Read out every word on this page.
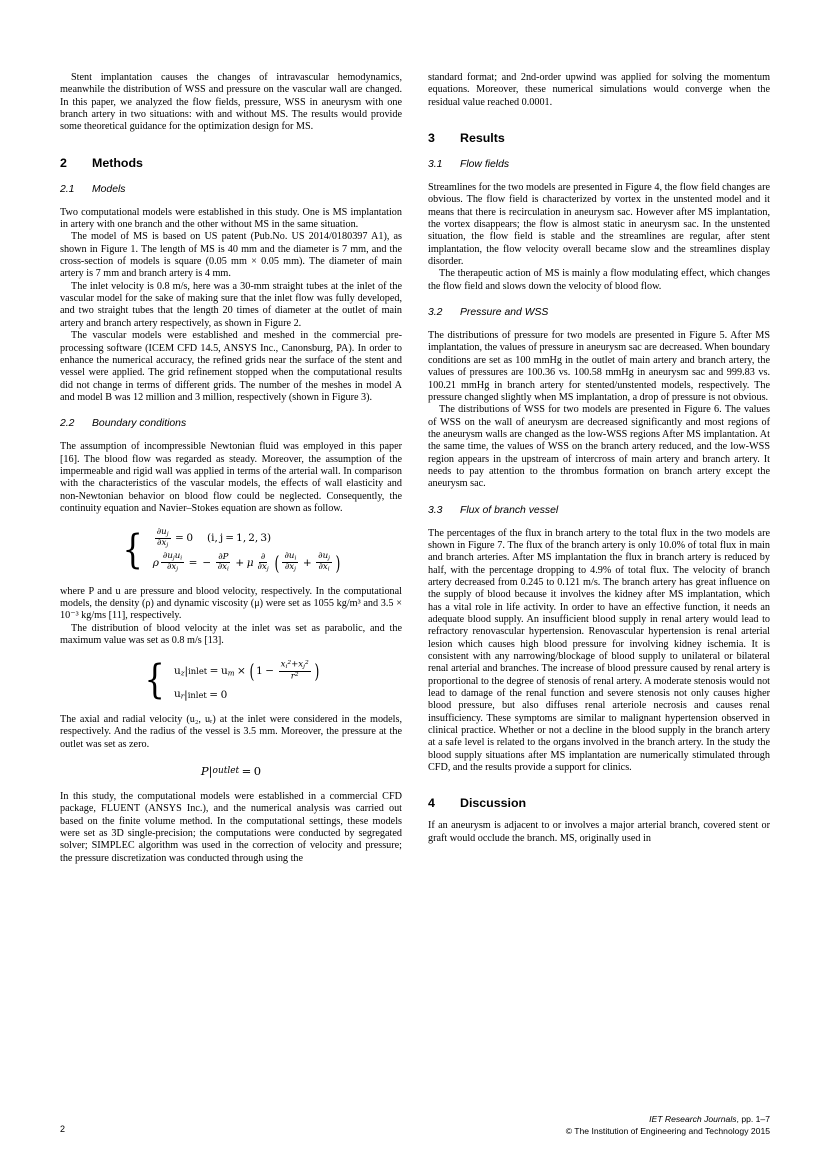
Stent implantation causes the changes of intravascular hemodynamics, meanwhile the distribution of WSS and pressure on the vascular wall are changed. In this paper, we analyzed the flow fields, pressure, WSS in aneurysm with one branch artery in two situations: with and without MS. The results would provide some theoretical guidance for the optimization design for MS.

2 Methods
2.1 Models

Two computational models were established in this study. One is MS implantation in artery with one branch and the other without MS in the same situation.

The model of MS is based on US patent (Pub.No. US 2014/0180397 A1), as shown in Figure 1. The length of MS is 40 mm and the diameter is 7 mm, and the cross-section of models is square (0.05 mm × 0.05 mm). The diameter of main artery is 7 mm and branch artery is 4 mm.

The inlet velocity is 0.8 m/s, here was a 30-mm straight tubes at the inlet of the vascular model for the sake of making sure that the inlet flow was fully developed, and two straight tubes that the length 20 times of diameter at the outlet of main artery and branch artery respectively, as shown in Figure 2.

The vascular models were established and meshed in the commercial pre-processing software (ICEM CFD 14.5, ANSYS Inc., Canonsburg, PA). In order to enhance the numerical accuracy, the refined grids near the surface of the stent and vessel were applied. The grid refinement stopped when the computational results did not change in terms of different grids. The number of the meshes in model A and model B was 12 million and 3 million, respectively (shown in Figure 3).

2.2 Boundary conditions

The assumption of incompressible Newtonian fluid was employed in this paper [16]. The blood flow was regarded as steady. Moreover, the assumption of the impermeable and rigid wall was applied in terms of the arterial wall. In comparison with the characteristics of the vascular models, the effects of wall elasticity and non-Newtonian behavior on blood flow could be neglected. Consequently, the continuity equation and Navier–Stokes equation are shown as follow.

{ $\frac{\partial u_j}{\partial x_j} = 0$ (i, j = 1, 2, 3)
ρ $\frac{\partial u_ju_i}{\partial x_j}$ = − $\frac{\partial P}{\partial x_i} + \mu \frac{\partial}{\partial x_j}$ ( $\frac{\partial u_i}{\partial x_j} + \frac{\partial u_j}{\partial x_i}$ )

where P and u are pressure and blood velocity, respectively. In the computational models, the density (ρ) and dynamic viscosity (μ) were set as 1055 kg/m³ and 3.5 × 10⁻³ kg/ms [11], respectively.

The distribution of blood velocity at the inlet was set as parabolic, and the maximum value was set as 0.8 m/s [13].

{ $u_z$ | inlet = $u_m$ × ( $1 - \frac{x_i^2+x_j^2}{r^2}$ )
$u_r$ | inlet = 0

The axial and radial velocity (u₂, uᵣ) at the inlet were considered in the models, respectively. And the radius of the vessel is 3.5 mm. Moreover, the pressure at the outlet was set as zero.

P | outlet = 0

In this study, the computational models were established in a commercial CFD package, FLUENT (ANSYS Inc.), and the numerical analysis was carried out based on the finite volume method. In the computational settings, these models were set as 3D single-precision; the computations were conducted by segregated solver; SIMPLEC algorithm was used in the correction of velocity and pressure; the pressure discretization was conducted through using the

standard format; and 2nd-order upwind was applied for solving the momentum equations. Moreover, these numerical simulations would converge when the residual value reached 0.0001.

3 Results
3.1 Flow fields

Streamlines for the two models are presented in Figure 4, the flow field changes are obvious. The flow field is characterized by vortex in the unstented model and it means that there is recirculation in aneurysm sac. However after MS implantation, the vortex disappears; the flow is almost static in aneurysm sac. In the unstented situation, the flow field is stable and the streamlines are regular, after stent implantation, the flow velocity overall became slow and the streamlines display disorder.

The therapeutic action of MS is mainly a flow modulating effect, which changes the flow field and slows down the velocity of blood flow.

3.2 Pressure and WSS

The distributions of pressure for two models are presented in Figure 5. After MS implantation, the values of pressure in aneurysm sac are decreased. When boundary conditions are set as 100 mmHg in the outlet of main artery and branch artery, the values of pressures are 100.36 vs. 100.58 mmHg in aneurysm sac and 999.83 vs. 100.21 mmHg in branch artery for stented/unstented models, respectively. The pressure changed slightly when MS implantation, a drop of pressure is not obvious.

The distributions of WSS for two models are presented in Figure 6. The values of WSS on the wall of aneurysm are decreased significantly and most regions of the aneurysm walls are changed as the low-WSS regions After MS implantation. At the same time, the values of WSS on the branch artery reduced, and the low-WSS region appears in the upstream of intercross of main artery and branch artery. It needs to pay attention to the thrombus formation on branch artery except the aneurysm sac.

3.3 Flux of branch vessel

The percentages of the flux in branch artery to the total flux in the two models are shown in Figure 7. The flux of the branch artery is only 10.0% of total flux in main and branch arteries. After MS implantation the flux in branch artery is reduced by half, with the percentage dropping to 4.9% of total flux. The velocity of branch artery decreased from 0.245 to 0.121 m/s. The branch artery has great influence on the supply of blood because it involves the kidney after MS implantation, which has a vital role in life activity. In order to have an effective function, it needs an adequate blood supply. An insufficient blood supply in renal artery would lead to refractory renovascular hypertension. Renovascular hypertension is renal arterial lesion which causes high blood pressure for involving kidney ischemia. It is consistent with any narrowing/blockage of blood supply to unilateral or bilateral renal arterial and branches. The increase of blood pressure caused by renal artery is proportional to the degree of stenosis of renal artery. A moderate stenosis would not lead to damage of the renal function and severe stenosis not only causes higher blood pressure, but also diffuses renal arteriole necrosis and causes renal insufficiency. These symptoms are similar to malignant hypertension observed in clinical practice. Whether or not a decline in the blood supply in the branch artery at a safe level is related to the organs involved in the branch artery. In the study the blood supply situations after MS implantation are numerically stimulated through CFD, and the results provide a support for clinics.

4 Discussion

If an aneurysm is adjacent to or involves a major arterial branch, covered stent or graft would occlude the branch. MS, originally used in

2
IET Research Journals, pp. 1–7
© The Institution of Engineering and Technology 2015
